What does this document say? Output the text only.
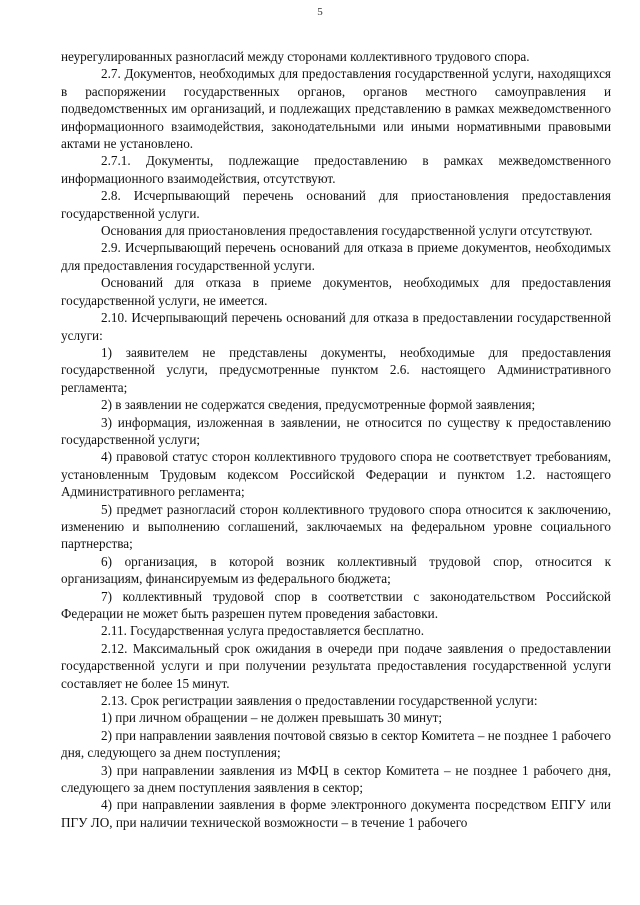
5

неурегулированных разногласий между сторонами коллективного трудового спора.

2.7. Документов, необходимых для предоставления государственной услуги, находящихся в распоряжении государственных органов, органов местного самоуправления и подведомственных им организаций, и подлежащих представлению в рамках межведомственного информационного взаимодействия, законодательными или иными нормативными правовыми актами не установлено.

2.7.1. Документы, подлежащие предоставлению в рамках межведомственного информационного взаимодействия, отсутствуют.

2.8. Исчерпывающий перечень оснований для приостановления предоставления государственной услуги.

Основания для приостановления предоставления государственной услуги отсутствуют.

2.9. Исчерпывающий перечень оснований для отказа в приеме документов, необходимых для предоставления государственной услуги.

Оснований для отказа в приеме документов, необходимых для предоставления государственной услуги, не имеется.

2.10. Исчерпывающий перечень оснований для отказа в предоставлении государственной услуги:

1) заявителем не представлены документы, необходимые для предоставления государственной услуги, предусмотренные пунктом 2.6. настоящего Административного регламента;

2) в заявлении не содержатся сведения, предусмотренные формой заявления;

3) информация, изложенная в заявлении, не относится по существу к предоставлению государственной услуги;

4) правовой статус сторон коллективного трудового спора не соответствует требованиям, установленным Трудовым кодексом Российской Федерации и пунктом 1.2. настоящего Административного регламента;

5) предмет разногласий сторон коллективного трудового спора относится к заключению, изменению и выполнению соглашений, заключаемых на федеральном уровне социального партнерства;

6) организация, в которой возник коллективный трудовой спор, относится к организациям, финансируемым из федерального бюджета;

7) коллективный трудовой спор в соответствии с законодательством Российской Федерации не может быть разрешен путем проведения забастовки.

2.11. Государственная услуга предоставляется бесплатно.

2.12. Максимальный срок ожидания в очереди при подаче заявления о предоставлении государственной услуги и при получении результата предоставления государственной услуги составляет не более 15 минут.

2.13. Срок регистрации заявления о предоставлении государственной услуги:

1) при личном обращении – не должен превышать 30 минут;

2) при направлении заявления почтовой связью в сектор Комитета – не позднее 1 рабочего дня, следующего за днем поступления;

3) при направлении заявления из МФЦ в сектор Комитета – не позднее 1 рабочего дня, следующего за днем поступления заявления в сектор;

4) при направлении заявления в форме электронного документа посредством ЕПГУ или ПГУ ЛО, при наличии технической возможности – в течение 1 рабочего
